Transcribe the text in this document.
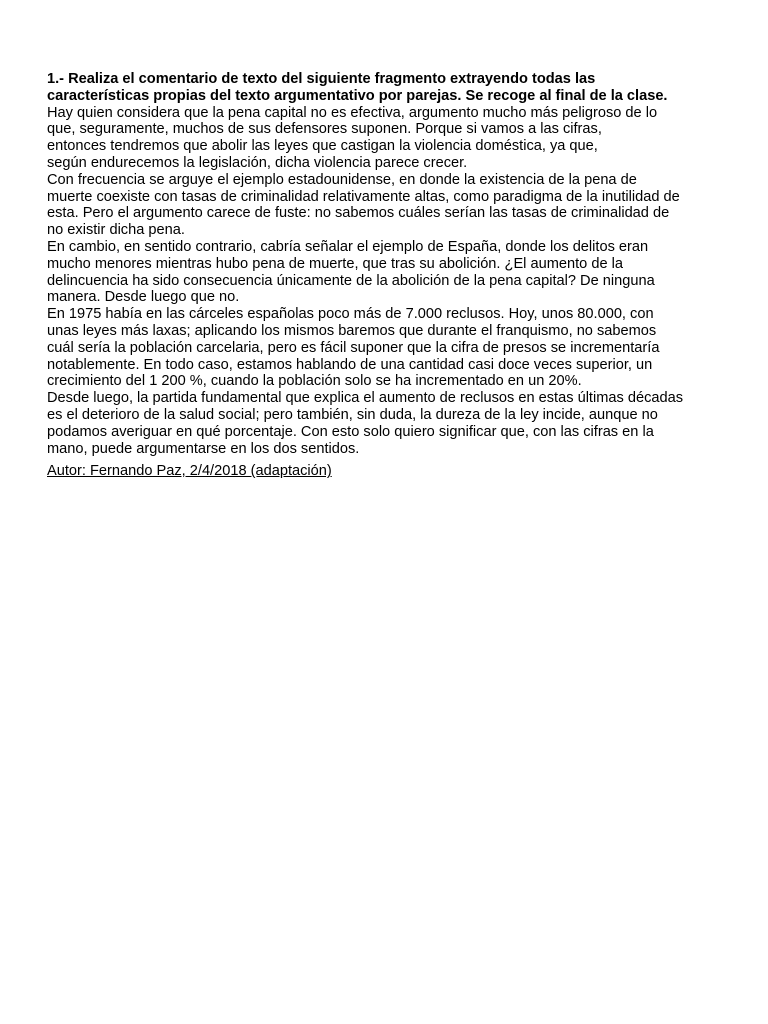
1.- Realiza el comentario de texto del siguiente fragmento extrayendo todas las
características propias del texto argumentativo por parejas. Se recoge al final de la clase.

Hay quien considera que la pena capital no es efectiva, argumento mucho más peligroso de lo
que, seguramente, muchos de sus defensores suponen. Porque si vamos a las cifras,
entonces tendremos que abolir las leyes que castigan la violencia doméstica, ya que,
según endurecemos la legislación, dicha violencia parece crecer.

Con frecuencia se arguye el ejemplo estadounidense, en donde la existencia de la pena de
muerte coexiste con tasas de criminalidad relativamente altas, como paradigma de la inutilidad de
esta. Pero el argumento carece de fuste: no sabemos cuáles serían las tasas de criminalidad de
no existir dicha pena.

En cambio, en sentido contrario, cabría señalar el ejemplo de España, donde los delitos eran
mucho menores mientras hubo pena de muerte, que tras su abolición. ¿El aumento de la
delincuencia ha sido consecuencia únicamente de la abolición de la pena capital? De ninguna
manera. Desde luego que no.

En 1975 había en las cárceles españolas poco más de 7.000 reclusos. Hoy, unos 80.000, con
unas leyes más laxas; aplicando los mismos baremos que durante el franquismo, no sabemos
cuál sería la población carcelaria, pero es fácil suponer que la cifra de presos se incrementaría
notablemente. En todo caso, estamos hablando de una cantidad casi doce veces superior, un
crecimiento del 1 200 %, cuando la población solo se ha incrementado en un 20%.

Desde luego, la partida fundamental que explica el aumento de reclusos en estas últimas décadas
es el deterioro de la salud social; pero también, sin duda, la dureza de la ley incide, aunque no
podamos averiguar en qué porcentaje. Con esto solo quiero significar que, con las cifras en la
mano, puede argumentarse en los dos sentidos.

Autor: Fernando Paz, 2/4/2018 (adaptación)
